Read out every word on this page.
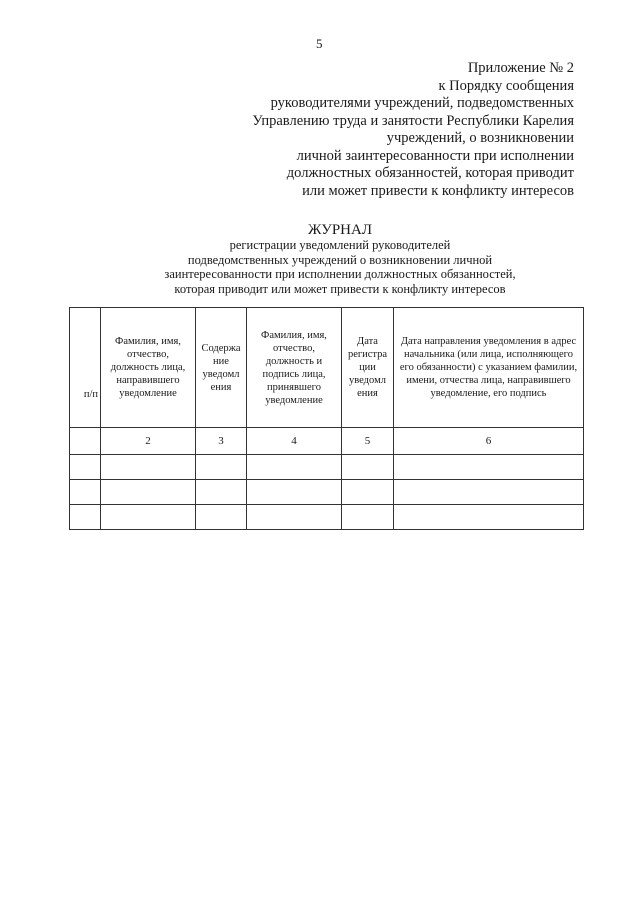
5
Приложение № 2
к Порядку сообщения
руководителями учреждений, подведомственных
Управлению труда и занятости Республики Карелия
учреждений, о возникновении
личной заинтересованности при исполнении
должностных обязанностей, которая приводит
или может привести к конфликту интересов
ЖУРНАЛ
регистрации уведомлений руководителей
подведомственных учреждений о возникновении личной
заинтересованности при исполнении должностных обязанностей,
которая приводит или может привести к конфликту интересов
п/п	Фамилия, имя, отчество, должность лица, направившего уведомление	Содержа ние уведомл ения	Фамилия, имя, отчество, должность и подпись лица, принявшего уведомление	Дата регистра ции уведомл ения	Дата направления уведомления в адрес начальника (или лица, исполняющего его обязанности) с указанием фамилии, имени, отчества лица, направившего уведомление, его подпись
	2	3	4	5	6
